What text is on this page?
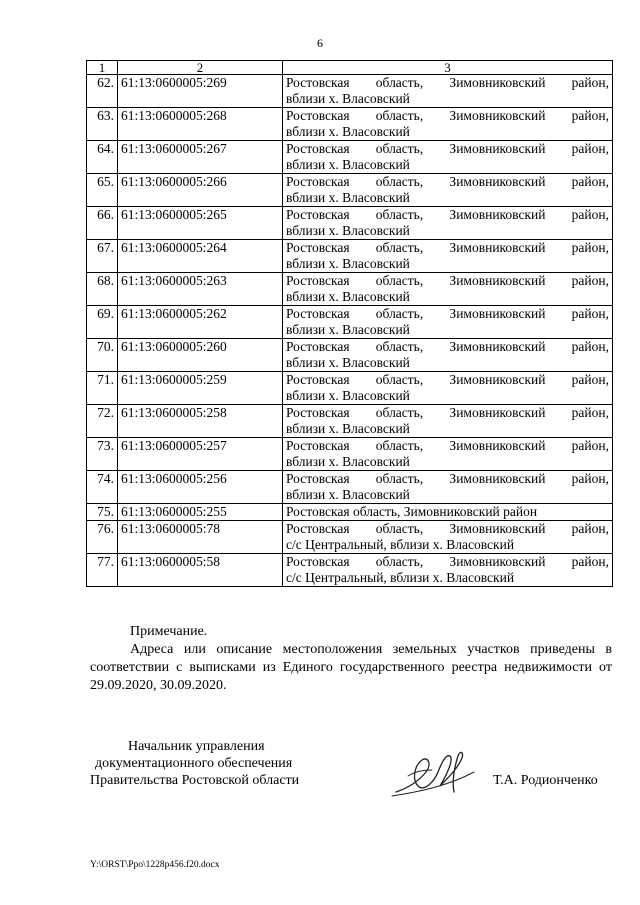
6
1	2	3
62.	61:13:0600005:269	Ростовская область, Зимовниковский район,
вблизи х. Власовский

63.	61:13:0600005:268	Ростовская область, Зимовниковский район,
вблизи х. Власовский

64.	61:13:0600005:267	Ростовская область, Зимовниковский район,
вблизи х. Власовский

65.	61:13:0600005:266	Ростовская область, Зимовниковский район,
вблизи х. Власовский

66.	61:13:0600005:265	Ростовская область, Зимовниковский район,
вблизи х. Власовский

67.	61:13:0600005:264	Ростовская область, Зимовниковский район,
вблизи х. Власовский

68.	61:13:0600005:263	Ростовская область, Зимовниковский район,
вблизи х. Власовский

69.	61:13:0600005:262	Ростовская область, Зимовниковский район,
вблизи х. Власовский

70.	61:13:0600005:260	Ростовская область, Зимовниковский район,
вблизи х. Власовский

71.	61:13:0600005:259	Ростовская область, Зимовниковский район,
вблизи х. Власовский

72.	61:13:0600005:258	Ростовская область, Зимовниковский район,
вблизи х. Власовский

73.	61:13:0600005:257	Ростовская область, Зимовниковский район,
вблизи х. Власовский

74.	61:13:0600005:256	Ростовская область, Зимовниковский район,
вблизи х. Власовский

75.	61:13:0600005:255	Ростовская область, Зимовниковский район

76.	61:13:0600005:78	Ростовская область, Зимовниковский район,
с/с Центральный, вблизи х. Власовский

77.	61:13:0600005:58	Ростовская область, Зимовниковский район,
с/с Центральный, вблизи х. Власовский
Примечание.
Адреса или описание местоположения земельных участков приведены в соответствии с выписками из Единого государственного реестра недвижимости от 29.09.2020, 30.09.2020.
Начальник управления
документационного обеспечения
Правительства Ростовской области	Т.А. Родионченко
Y:\ORST\Ppo\1228p456.f20.docx
